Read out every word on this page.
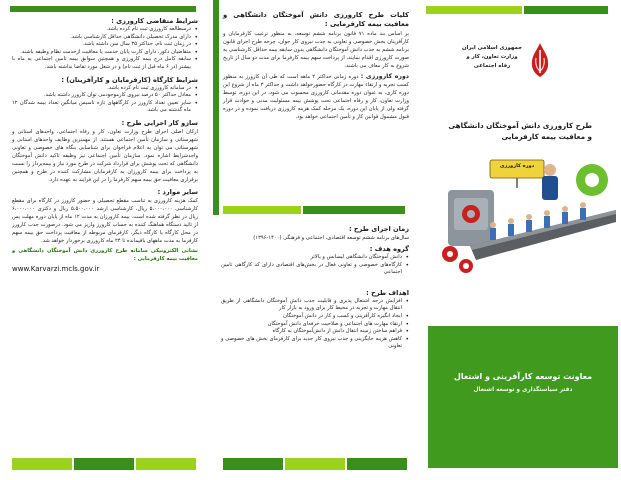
شرایط متقاضی کارورزی :
• درسطالعه کارورزی ثبت نام کرده باشد.
• دارای مدرک تحصیلی دانشگاهی حداقل کارشناسی باشد.
• در زمان ثبت نام، حداکثر ۳۵ سال سن داشته باشد.
• متقاضیان ذکور، دارای کارت پایان خدمت یا معافیت ازخدمت نظام وظیفه باشند.
• سابقه کامل درج بیمه کارورزی و همچنین سوابق بیمه تامین اجتماعی به ماه با بیشتر (در ۶ ماه قبل از ثبت نام) و در شغل مورد تقاضا نداشته باشد.
شرایط کارگاه (کارفرمایان و کارآفرینان) :
• در سامانه کارورزی ثبت نام کرده باشد.
• معادل حداکثر ۵۰ درصد نیروی کارموجودمی توان کارورز داشته باشد.
• سایر تعیین تعداد کارورز در کارگاههای تازه تاسیس میانگین تعداد بیمه شدگان ۱۲ ماه گذشته می باشد.
سازو کار اجرایی طرح :
ارکان اصلی اجرای طرح وزارت تعاون، کار و رفاه اجتماعی، واحدهای استانی و شهرستانی و سازمان تأمین اجتماعی هستند. از مهمترین وظایف واحدهای استانی و شهرستانی می توان به اعلام فراخوان برای شناسایی بنگاه های خصوصی و تعاونی واجدشرایط اشاره نمود. سازمان تأمین اجتماعی نیز وظیفه تاکید دانش آموختگان دانشگاهی که تحت پوشش برای قرارداد شرکت در طرح مورد نیاز و بیمه‌پرداز را نسبت به پرداخت برای بیمه کارورزان به کارفرمایان مشارکت کننده در طرح و همچنین برقراری معافیت حق بیمه سهم کارفرما را در این فرایند به عهده دارد.
سایر موارد :
کمک هزینه کارورزی به تناسب مقطع تحصیلی و حضور کارورز در کارگاه برای مقطع کارشناسی ۵،۰۰۰،۰۰۰ ریال، کارشناسی ارشد ۵،۵۰۰،۰۰۰ ریال و دکتری ۶،۰۰۰،۰۰۰ ریال در نظر گرفته شده است. بیمه کارورزان به مدت ۱۲ ماه از پایان دوره مهلت پس از تائید دستگاه هماهنگ کننده به حساب کارورز واریز می شود. درصورت جذب کارورز در محل کارگاه یا کارگاه دیگر، کارفرمای مربوطه از معافیت پرداخت حق بیمه سهم کارفرما به مدت ماههای باقیمانده تا ۲۴ ماه کارورزی برخوردار خواهد شد.
نشانی الکترونیکی سامانه طرح کارورزی دانش آموختگان دانشگاهی و معافیت بیمه کارفرمایی :
www.Karvarzi.mcls.gov.ir
کلیات طرح کارورزی دانش آموختگان دانشگاهی و معافیت بیمه کارفرمایی :
بر اساس بند ماده ۷۱ قانون برنامه ششم توسعه، به منظور ترغیب کارفرمایان و کارآفرینان بخش خصوصی و تعاونی به جذب نیروی کار جوان، چرخه طرح اجرای قانون برنامه ششم به جذب دانش آموختگان دانشگاهی بدون سابقه بیمه حداقل کارشناسی به صورت کارورزی اقدام نمایند، از پرداخت سهم بیمه کارفرما برای مدت دو سال از تاریخ شروع به کار معاف می باشند.
دوره کارورزی : دوره زمانی حداکثر ۲ ماهه است که طی آن کارورز به منظور کسب تجربه و ارتقاء مهارت در کارگاه حضورخواهد داشت و حداکثر ۳ ماه از شروع این دوره کاری، به عنوان دوره مقدماتی کارورزی محسوب می شود، در این دوره، توسط وزارت تعاون، کار و رفاه اجتماعی تحت پوشش بیمه مسئولیت مدنی و حوادث قرار گرفته ولی از پایان این دوره، یک مرحله کمک هزینه کارورزی دریافت نموده و در دوره قبول مشمول قوانین کار و تأمین اجتماعی خواهد بود.
زمان اجرای طرح :
سال‌های برنامه ششم توسعه اقتصادی، اجتماعی و فرهنگی (۱۴۰۰-۱۳۹۶)
گروه هدف :
• دانش آموختگان دانشگاهی لیسانس و بالاتر
• کارگاه‌های خصوصی و تعاونی فعال در بخش‌های اقتصادی دارای کد کارگاهی تامین اجتماعی
اهداف طرح :
• افزایش درجه اشتغال پذیری و قابلیت جذب دانش آموختگان دانشگاهی از طریق انتقال مهارت و تجربه در محیط کار برای ورود به بازار کار
• ایجاد انگیزه کارآفرینی و کسب و کار در دانش آموختگان
• ارتقاء مهارت های اجتماعی و صلاحیت حرفه‌ای دانش آموختگان
• فراهم ساختن زمینه انتقال دانش از دانش‌آموختگان به کارگاه
• کاهش هزینه جایگزینی و جذب نیروی کار جدید برای کارفرمای بخش های خصوصی و تعاونی
جمهوری اسلامی ایران
وزارت تعاون، کار و رفاه اجتماعی
طرح کارورزی دانش آموختگان دانشگاهی و معافیت بیمه کارفرمایی
دوره کارورزی
معاونت توسعه کارآفرینی و اشتغال
دفتر سیاستگذاری و توسعه اشتغال
